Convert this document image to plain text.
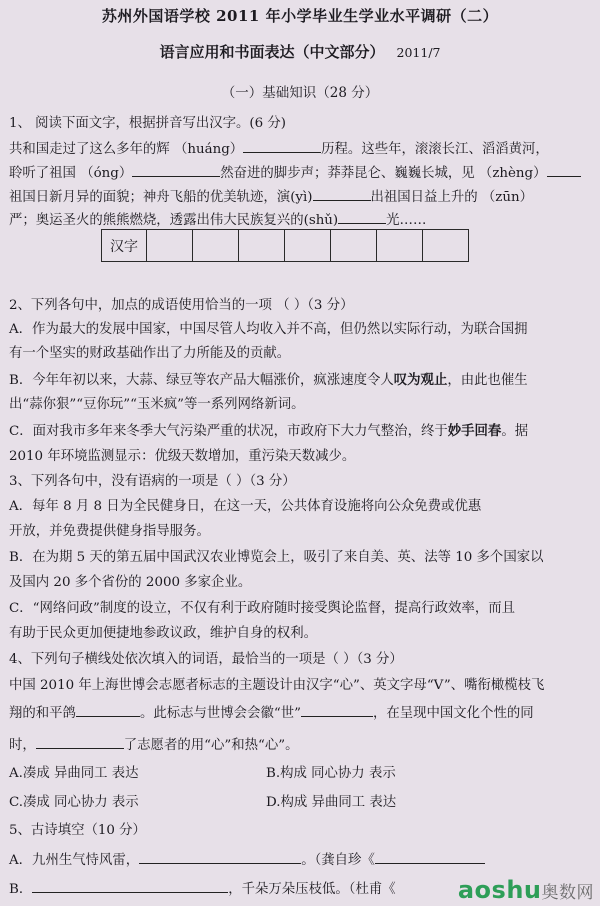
苏州外国语学校 2011 年小学毕业生学业水平调研（二）
语言应用和书面表达（中文部分） 2011/7
（一）基础知识（28 分）
1、 阅读下面文字，根据拼音写出汉字。(6 分)
共和国走过了这么多年的辉 （huáng）	历程。这些年，滚滚长江、滔滔黄河，
聆听了祖国 （óng）	然奋进的脚步声；莽莽昆仑、巍巍长城，见 （zhèng）
祖国日新月异的面貌；神舟飞船的优美轨迹，演(yì)	出祖国日益上升的 （zūn）
严；奥运圣火的熊熊燃烧，透露出伟大民族复兴的(shǔ)	光……
汉字							
2、下列各句中，加点的成语使用恰当的一项 （ ）（3 分）
A．作为最大的发展中国家，中国尽管人均收入并不高，但仍然以实际行动，为联合国拥
有一个坚实的财政基础作出了力所能及的贡献。
B．今年年初以来，大蒜、绿豆等农产品大幅涨价，疯涨速度令人叹为观止，由此也催生
出“蒜你狠”“豆你玩”“玉米疯”等一系列网络新词。
C．面对我市多年来冬季大气污染严重的状况，市政府下大力气整治，终于妙手回春。据
2010 年环境监测显示：优级天数增加，重污染天数减少。
3、下列各句中，没有语病的一项是（ ）（3 分）
A．每年 8 月 8 日为全民健身日，在这一天，公共体育设施将向公众免费或优惠
开放，并免费提供健身指导服务。
B．在为期 5 天的第五届中国武汉农业博览会上，吸引了来自美、英、法等 10 多个国家以
及国内 20 多个省份的 2000 多家企业。
C．“网络问政”制度的设立，不仅有利于政府随时接受舆论监督，提高行政效率，而且
有助于民众更加便捷地参政议政，维护自身的权利。
4、下列句子横线处依次填入的词语，最恰当的一项是（ ）（3 分）
中国 2010 年上海世博会志愿者标志的主题设计由汉字“心”、英文字母“V”、嘴衔橄榄枝飞
翔的和平鸽	。此标志与世博会会徽“世”	，在呈现中国文化个性的同
时，	了志愿者的用“心”和热“心”。
A.凑成 异曲同工 表达	B.构成 同心协力 表示
C.凑成 同心协力 表示	D.构成 异曲同工 表达
5、古诗填空（10 分）
A．九州生气恃风雷，	。（龚自珍《
B．	，千朵万朵压枝低。（杜甫《	aoshu奥数网
